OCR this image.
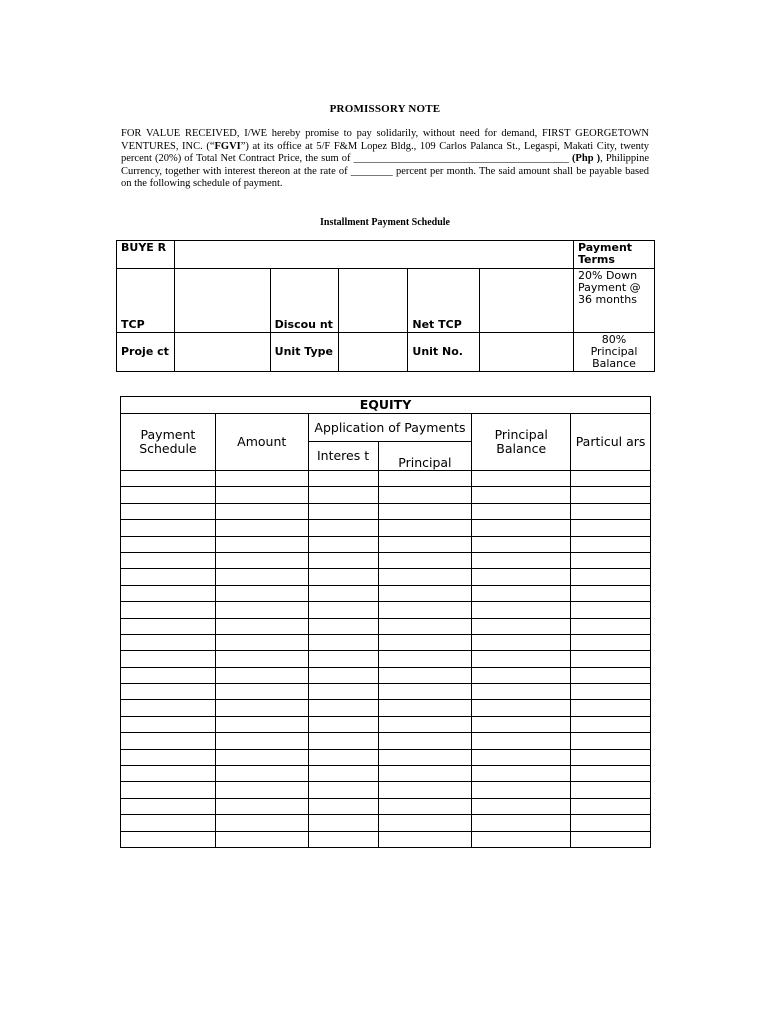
PROMISSORY NOTE
FOR VALUE RECEIVED, I/WE hereby promise to pay solidarily, without need for demand, FIRST GEORGETOWN VENTURES, INC. (“FGVI”) at its office at 5/F F&M Lopez Bldg., 109 Carlos Palanca St., Legaspi, Makati City, twenty percent (20%) of Total Net Contract Price, the sum of _________________________________________ (Php ), Philippine Currency, together with interest thereon at the rate of ________ percent per month. The said amount shall be payable based on the following schedule of payment.
Installment Payment Schedule
BUYE R						Payment Terms
TCP		Discou nt		Net TCP		20% Down Payment @ 36 months
Proje ct		Unit Type		Unit No.		80% Principal Balance
EQUITY					
Payment Schedule	Amount	Application of Payments		Principal Balance	Particul ars
		Interes t	Principal		
